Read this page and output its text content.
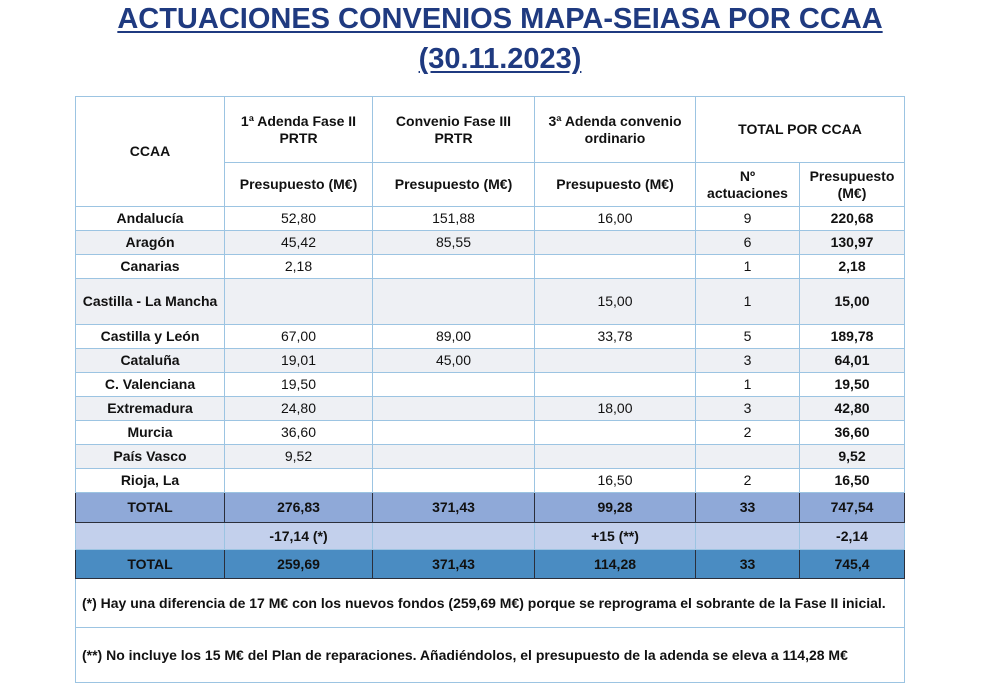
ACTUACIONES CONVENIOS MAPA-SEIASA POR CCAA
(30.11.2023)
CCAA	1ª Adenda Fase II PRTR	Convenio Fase III PRTR	3ª Adenda convenio ordinario	TOTAL POR CCAA	
	Presupuesto (M€)	Presupuesto (M€)	Presupuesto (M€)	Nº actuaciones	Presupuesto (M€)
Andalucía	52,80	151,88	16,00	9	220,68
Aragón	45,42	85,55		6	130,97
Canarias	2,18			1	2,18
Castilla - La Mancha			15,00	1	15,00
Castilla y León	67,00	89,00	33,78	5	189,78
Cataluña	19,01	45,00		3	64,01
C. Valenciana	19,50			1	19,50
Extremadura	24,80		18,00	3	42,80
Murcia	36,60			2	36,60
País Vasco	9,52				9,52
Rioja, La			16,50	2	16,50
TOTAL	276,83	371,43	99,28	33	747,54
	-17,14 (*)		+15 (**)		-2,14
TOTAL	259,69	371,43	114,28	33	745,4
(*) Hay una diferencia de 17 M€ con los nuevos fondos (259,69 M€) porque se reprograma el sobrante de la Fase II inicial.					
(**) No incluye los 15 M€ del Plan de reparaciones. Añadiéndolos, el presupuesto de la adenda se eleva a 114,28 M€					
